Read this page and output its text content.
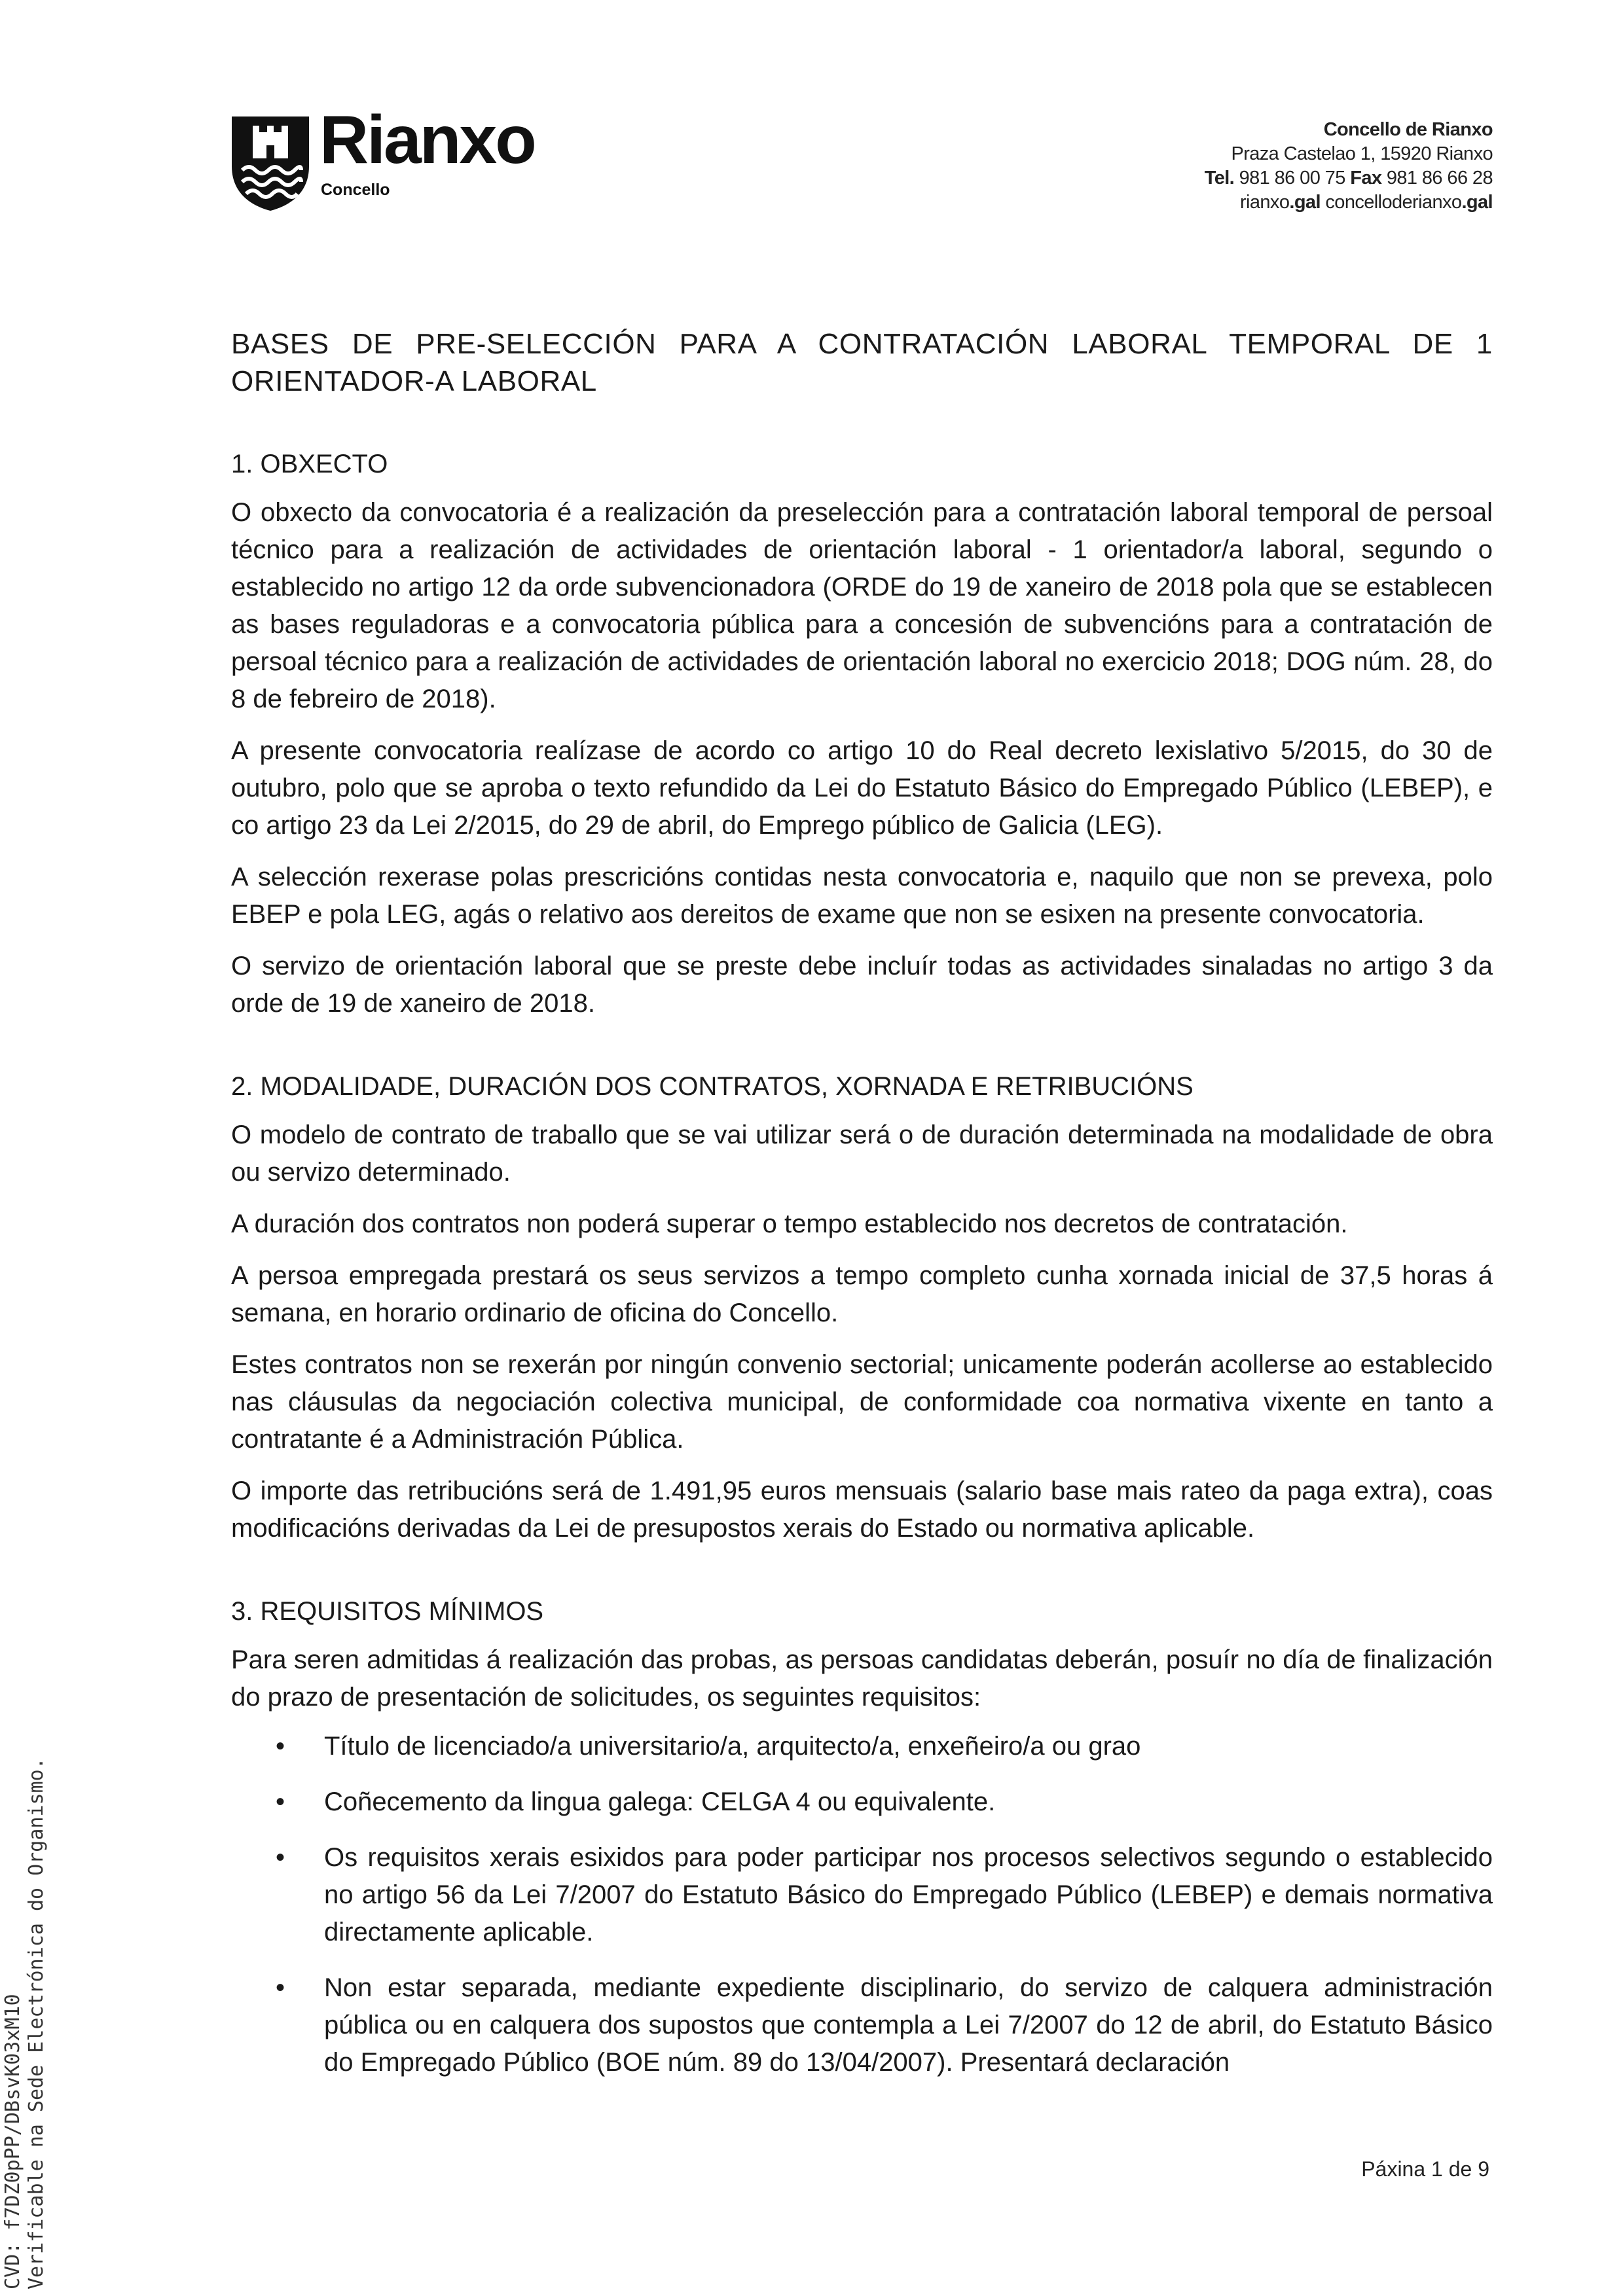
Rianxo
Concello
Concello de Rianxo
Praza Castelao 1, 15920 Rianxo
Tel. 981 86 00 75 Fax 981 86 66 28
rianxo.gal concelloderianxo.gal
BASES DE PRE-SELECCIÓN PARA A CONTRATACIÓN LABORAL TEMPORAL DE 1 ORIENTADOR-A LABORAL
1. OBXECTO

O obxecto da convocatoria é a realización da preselección para a contratación laboral temporal de persoal técnico para a realización de actividades de orientación laboral - 1 orientador/a laboral, segundo o establecido no artigo 12 da orde subvencionadora (ORDE do 19 de xaneiro de 2018 pola que se establecen as bases reguladoras e a convocatoria pública para a concesión de subvencións para a contratación de persoal técnico para a realización de actividades de orientación laboral no exercicio 2018; DOG núm. 28, do 8 de febreiro de 2018).

A presente convocatoria realízase de acordo co artigo 10 do Real decreto lexislativo 5/2015, do 30 de outubro, polo que se aproba o texto refundido da Lei do Estatuto Básico do Empregado Público (LEBEP), e co artigo 23 da Lei 2/2015, do 29 de abril, do Emprego público de Galicia (LEG).

A selección rexerase polas prescricións contidas nesta convocatoria e, naquilo que non se prevexa, polo EBEP e pola LEG, agás o relativo aos dereitos de exame que non se esixen na presente convocatoria.

O servizo de orientación laboral que se preste debe incluír todas as actividades sinaladas no artigo 3 da orde de 19 de xaneiro de 2018.

2. MODALIDADE, DURACIÓN DOS CONTRATOS, XORNADA E RETRIBUCIÓNS

O modelo de contrato de traballo que se vai utilizar será o de duración determinada na modalidade de obra ou servizo determinado.

A duración dos contratos non poderá superar o tempo establecido nos decretos de contratación.

A persoa empregada prestará os seus servizos a tempo completo cunha xornada inicial de 37,5 horas á semana, en horario ordinario de oficina do Concello.

Estes contratos non se rexerán por ningún convenio sectorial; unicamente poderán acollerse ao establecido nas cláusulas da negociación colectiva municipal, de conformidade coa normativa vixente en tanto a contratante é a Administración Pública.

O importe das retribucións será de 1.491,95 euros mensuais (salario base mais rateo da paga extra), coas modificacións derivadas da Lei de presupostos xerais do Estado ou normativa aplicable.

3. REQUISITOS MÍNIMOS

Para seren admitidas á realización das probas, as persoas candidatas deberán, posuír no día de finalización do prazo de presentación de solicitudes, os seguintes requisitos:

• Título de licenciado/a universitario/a, arquitecto/a, enxeñeiro/a ou grao
• Coñecemento da lingua galega: CELGA 4 ou equivalente.
• Os requisitos xerais esixidos para poder participar nos procesos selectivos segundo o establecido no artigo 56 da Lei 7/2007 do Estatuto Básico do Empregado Público (LEBEP) e demais normativa directamente aplicable.
• Non estar separada, mediante expediente disciplinario, do servizo de calquera administración pública ou en calquera dos supostos que contempla a Lei 7/2007 do 12 de abril, do Estatuto Básico do Empregado Público (BOE núm. 89 do 13/04/2007). Presentará declaración
CVD: f7DZ0pPP/DBsvK03xM10 Verificable na Sede Electrónica do Organismo.	Páxina 1 de 9
